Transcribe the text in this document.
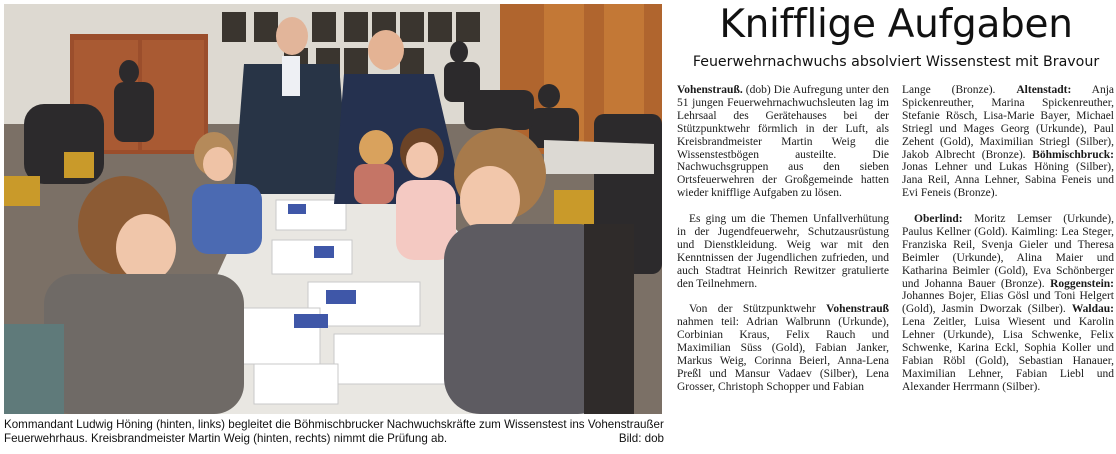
Kommandant Ludwig Höning (hinten, links) begleitet die Böhmischbrucker Nachwuchskräfte zum Wissenstest ins Vohenstraußer Feuerwehrhaus. Kreisbrandmeister Martin Weig (hinten, rechts) nimmt die Prüfung ab.	Bild: dob
Knifflige Aufgaben
Feuerwehrnachwuchs absolviert Wissenstest mit Bravour

Vohenstrauß. (dob) Die Aufregung unter den 51 jungen Feuerwehrnachwuchsleuten lag im Lehrsaal des Gerätehauses bei der Stützpunktwehr förmlich in der Luft, als Kreisbrandmeister Martin Weig die Wissenstestbögen austeilte. Die Nachwuchsgruppen aus den sieben Ortsfeuerwehren der Großgemeinde hatten wieder knifflige Aufgaben zu lösen.

Es ging um die Themen Unfallverhütung in der Jugendfeuerwehr, Schutzausrüstung und Dienstkleidung. Weig war mit den Kenntnissen der Jugendlichen zufrieden, und auch Stadtrat Heinrich Rewitzer gratulierte den Teilnehmern.

Von der Stützpunktwehr Vohenstrauß nahmen teil: Adrian Walbrunn (Urkunde), Corbinian Kraus, Felix Rauch und Maximilian Süss (Gold), Fabian Janker, Markus Weig, Corinna Beierl, Anna-Lena Preßl und Mansur Vadaev (Silber), Lena Grosser, Christoph Schopper und Fabian

Lange (Bronze). Altenstadt: Anja Spickenreuther, Marina Spickenreuther, Stefanie Rösch, Lisa-Marie Bayer, Michael Striegl und Mages Georg (Urkunde), Paul Zehent (Gold), Maximilian Striegl (Silber), Jakob Albrecht (Bronze). Böhmischbruck: Jonas Lehner und Lukas Höning (Silber), Jana Reil, Anna Lehner, Sabina Feneis und Evi Feneis (Bronze).

Oberlind: Moritz Lemser (Urkunde), Paulus Kellner (Gold). Kaimling: Lea Steger, Franziska Reil, Svenja Gieler und Theresa Beimler (Urkunde), Alina Maier und Katharina Beimler (Gold), Eva Schönberger und Johanna Bauer (Bronze). Roggenstein: Johannes Bojer, Elias Gösl und Toni Helgert (Gold), Jasmin Dworzak (Silber). Waldau: Lena Zeitler, Luisa Wiesent und Karolin Lehner (Urkunde), Lisa Schwenke, Felix Schwenke, Karina Eckl, Sophia Koller und Fabian Röbl (Gold), Sebastian Hanauer, Maximilian Lehner, Fabian Liebl und Alexander Herrmann (Silber).
